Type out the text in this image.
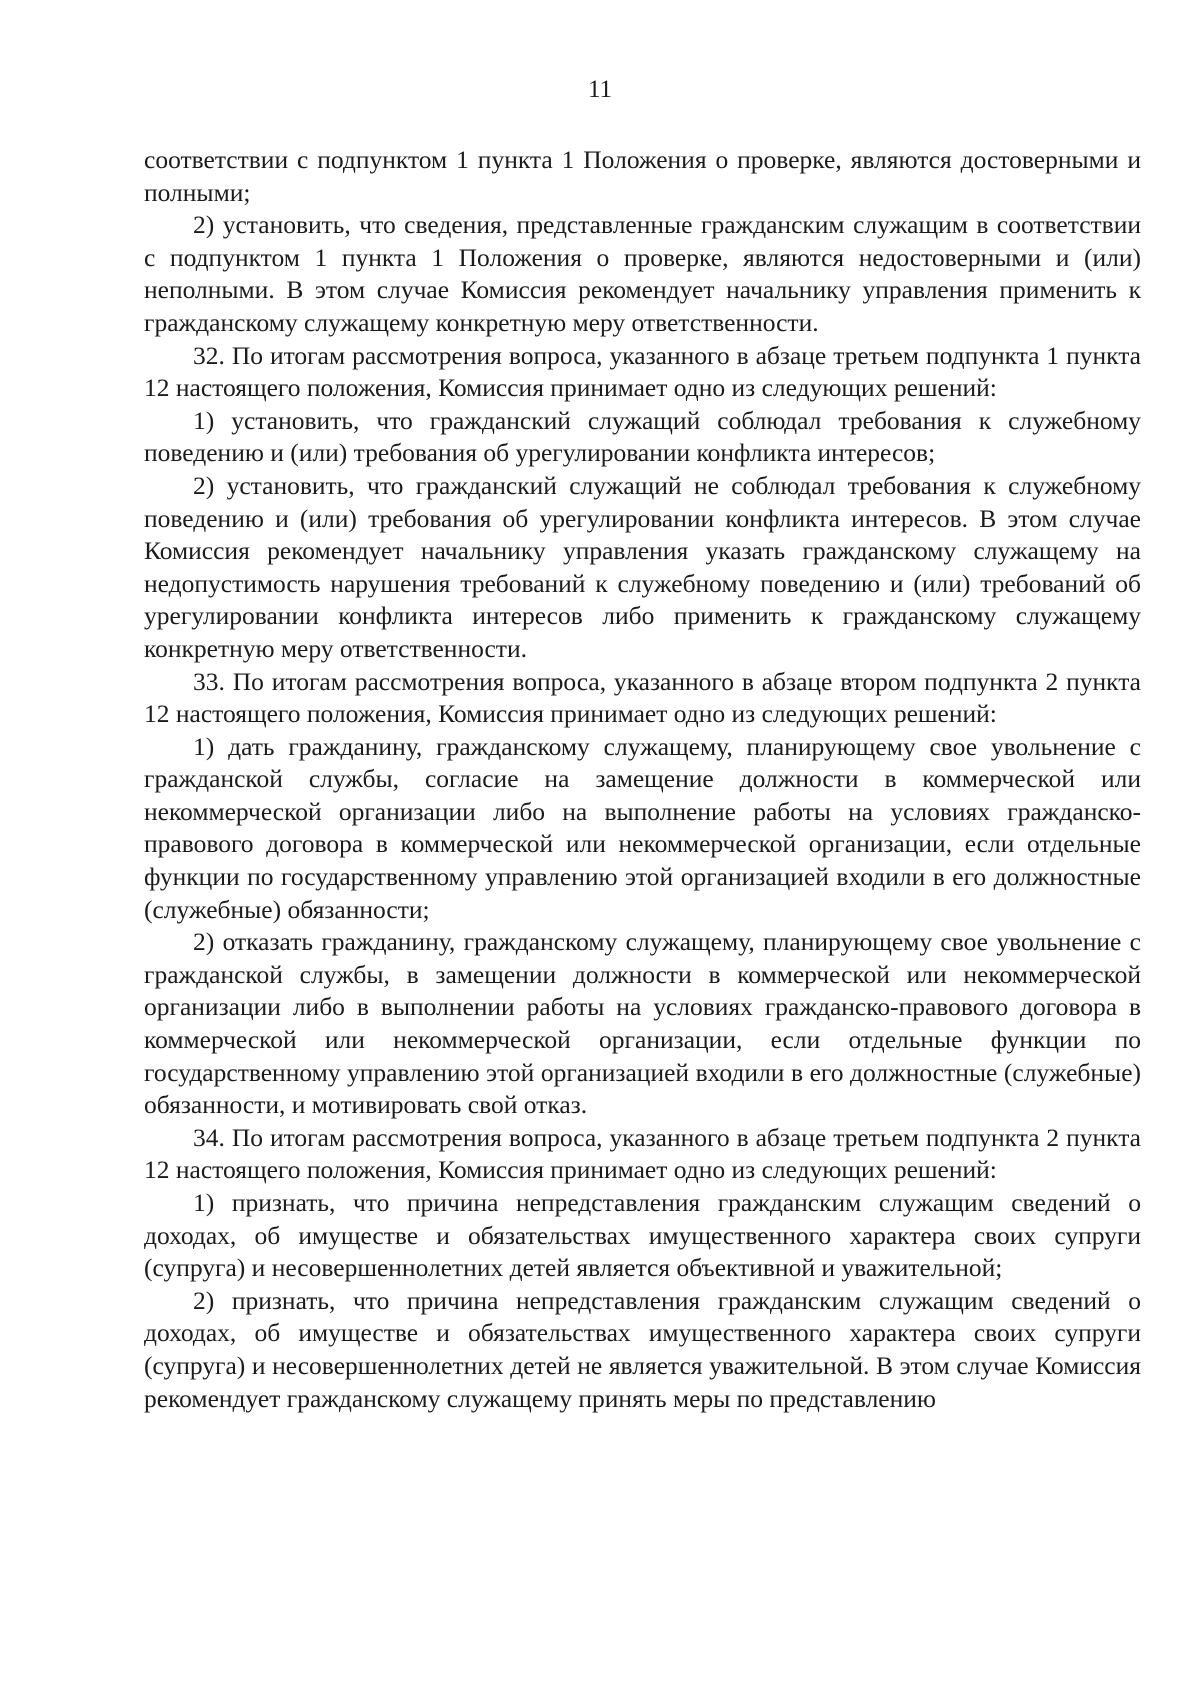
11

соответствии с подпунктом 1 пункта 1 Положения о проверке, являются достоверными и полными;

2) установить, что сведения, представленные гражданским служащим в соответствии с подпунктом 1 пункта 1 Положения о проверке, являются недостоверными и (или) неполными. В этом случае Комиссия рекомендует начальнику управления применить к гражданскому служащему конкретную меру ответственности.

32. По итогам рассмотрения вопроса, указанного в абзаце третьем подпункта 1 пункта 12 настоящего положения, Комиссия принимает одно из следующих решений:

1) установить, что гражданский служащий соблюдал требования к служебному поведению и (или) требования об урегулировании конфликта интересов;

2) установить, что гражданский служащий не соблюдал требования к служебному поведению и (или) требования об урегулировании конфликта интересов. В этом случае Комиссия рекомендует начальнику управления указать гражданскому служащему на недопустимость нарушения требований к служебному поведению и (или) требований об урегулировании конфликта интересов либо применить к гражданскому служащему конкретную меру ответственности.

33. По итогам рассмотрения вопроса, указанного в абзаце втором подпункта 2 пункта 12 настоящего положения, Комиссия принимает одно из следующих решений:

1) дать гражданину, гражданскому служащему, планирующему свое увольнение с гражданской службы, согласие на замещение должности в коммерческой или некоммерческой организации либо на выполнение работы на условиях гражданско-правового договора в коммерческой или некоммерческой организации, если отдельные функции по государственному управлению этой организацией входили в его должностные (служебные) обязанности;

2) отказать гражданину, гражданскому служащему, планирующему свое увольнение с гражданской службы, в замещении должности в коммерческой или некоммерческой организации либо в выполнении работы на условиях гражданско-правового договора в коммерческой или некоммерческой организации, если отдельные функции по государственному управлению этой организацией входили в его должностные (служебные) обязанности, и мотивировать свой отказ.

34. По итогам рассмотрения вопроса, указанного в абзаце третьем подпункта 2 пункта 12 настоящего положения, Комиссия принимает одно из следующих решений:

1) признать, что причина непредставления гражданским служащим сведений о доходах, об имуществе и обязательствах имущественного характера своих супруги (супруга) и несовершеннолетних детей является объективной и уважительной;

2) признать, что причина непредставления гражданским служащим сведений о доходах, об имуществе и обязательствах имущественного характера своих супруги (супруга) и несовершеннолетних детей не является уважительной. В этом случае Комиссия рекомендует гражданскому служащему принять меры по представлению
